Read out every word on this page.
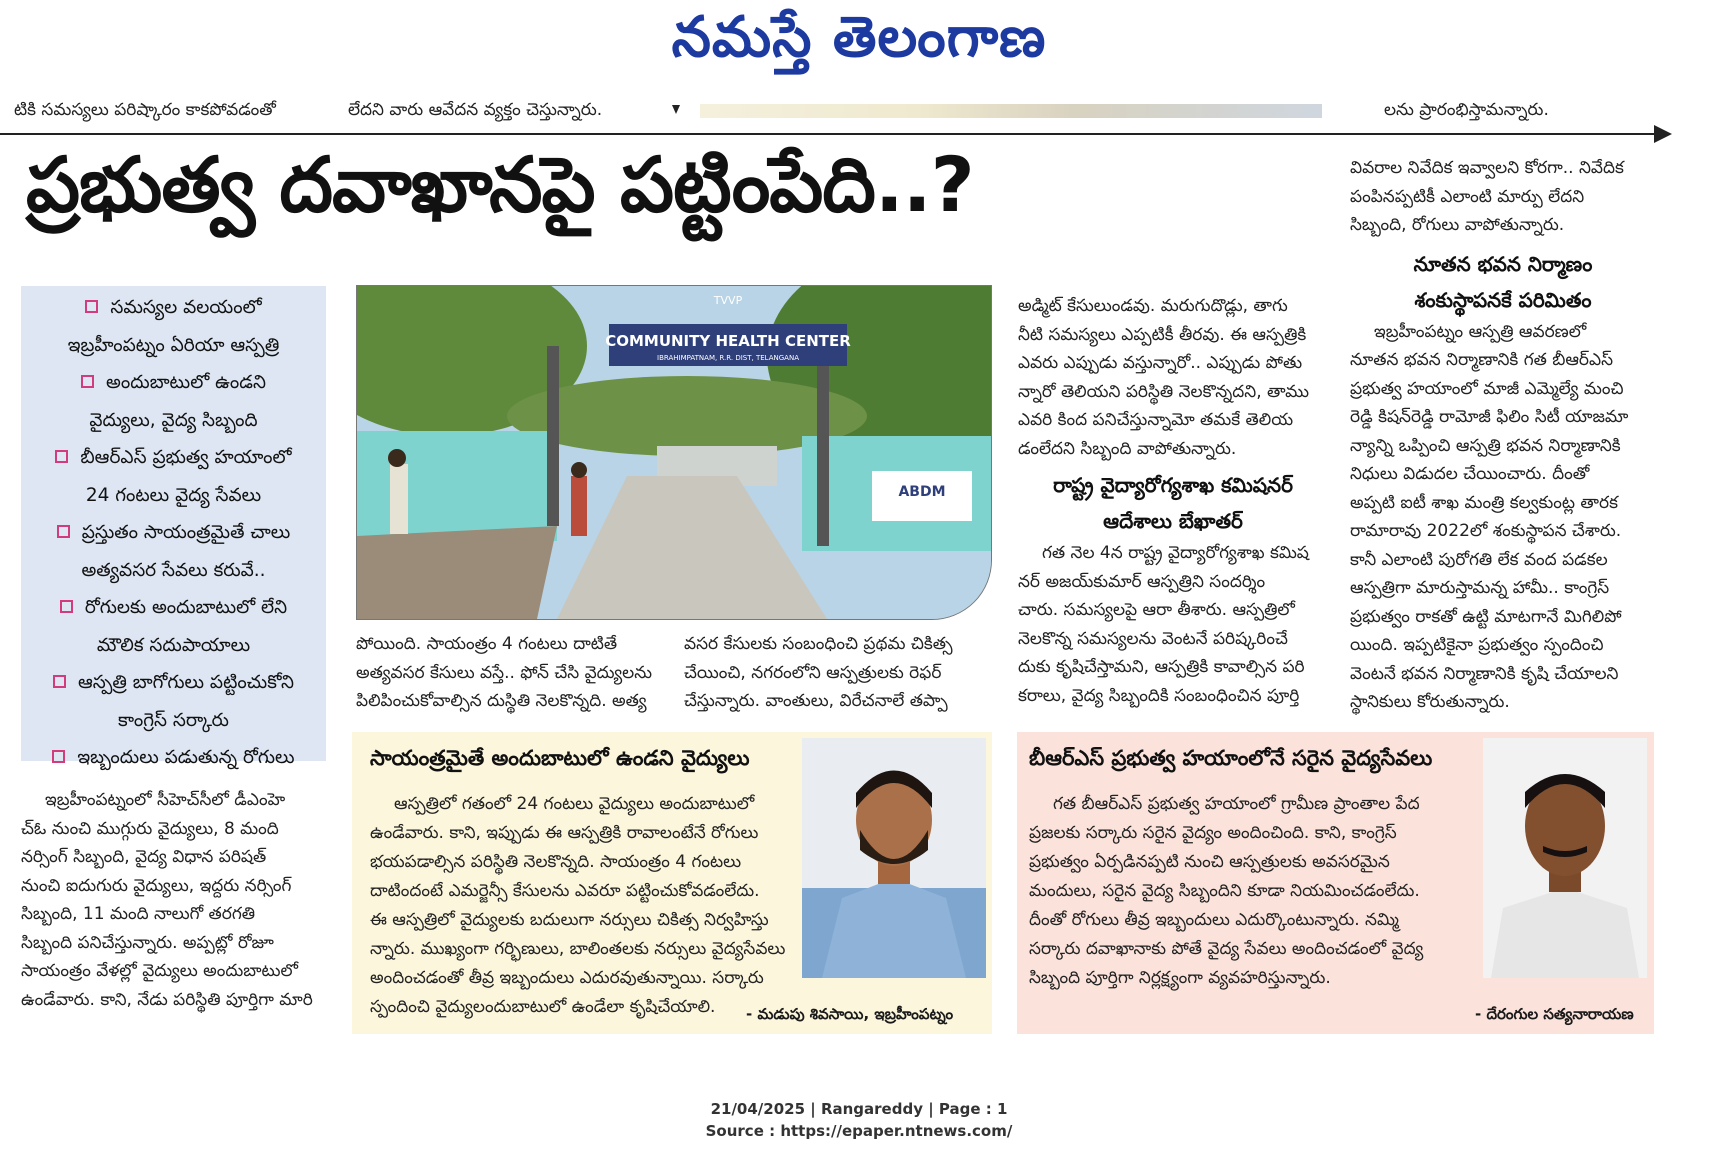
నమస్తే తెలంగాణ
టికి సమస్యలు పరిష్కారం కాకపోవడంతో	లేదని వారు ఆవేదన వ్యక్తం చెస్తున్నారు.	లను ప్రారంభిస్తామన్నారు.
ప్రభుత్వ దవాఖానపై పట్టింపేది..?
సమస్యల వలయంలో
ఇబ్రహీంపట్నం ఏరియా ఆస్పత్రి
అందుబాటులో ఉండని
వైద్యులు, వైద్య సిబ్బంది
బీఆర్‌ఎస్ ప్రభుత్వ హయాంలో
24 గంటలు వైద్య సేవలు
ప్రస్తుతం సాయంత్రమైతే చాలు
అత్యవసర సేవలు కరువే..
రోగులకు అందుబాటులో లేని
మౌలిక సదుపాయాలు
ఆస్పత్రి బాగోగులు పట్టించుకోని
కాంగ్రెస్ సర్కారు
ఇబ్బందులు పడుతున్న రోగులు
ఇబ్రహీంపట్నంలో సీహెచ్‌సీలో డీఎంహె
చ్‌ఓ నుంచి ముగ్గురు వైద్యులు, 8 మంది
నర్సింగ్ సిబ్బంది, వైద్య విధాన పరిషత్
నుంచి ఐదుగురు వైద్యులు, ఇద్దరు నర్సింగ్
సిబ్బంది, 11 మంది నాలుగో తరగతి
సిబ్బంది పనిచేస్తున్నారు. అప్పట్లో రోజూ
సాయంత్రం వేళల్లో వైద్యులు అందుబాటులో
ఉండేవారు. కాని, నేడు పరిస్థితి పూర్తిగా మారి
TVVP
COMMUNITY HEALTH CENTER
IBRAHIMPATNAM, R.R. DIST, TELANGANA
ABDM
పోయింది. సాయంత్రం 4 గంటలు దాటితే
అత్యవసర కేసులు వస్తే.. ఫోన్ చేసి వైద్యులను
పిలిపించుకోవాల్సిన దుస్థితి నెలకొన్నది. అత్య
వసర కేసులకు సంబంధించి ప్రథమ చికిత్స
చేయించి, నగరంలోని ఆస్పత్రులకు రెఫర్
చేస్తున్నారు. వాంతులు, విరేచనాలే తప్పా
అడ్మిట్ కేసులుండవు. మరుగుదొడ్లు, తాగు
నీటి సమస్యలు ఎప్పటికీ తీరవు. ఈ ఆస్పత్రికి
ఎవరు ఎప్పుడు వస్తున్నారో.. ఎప్పుడు పోతు
న్నారో తెలియని పరిస్థితి నెలకొన్నదని, తాము
ఎవరి కింద పనిచేస్తున్నామో తమకే తెలియ
డంలేదని సిబ్బంది వాపోతున్నారు.
రాష్ట్ర వైద్యారోగ్యశాఖ కమిషనర్
ఆదేశాలు బేఖాతర్
గత నెల 4న రాష్ట్ర వైద్యారోగ్యశాఖ కమిష
నర్ అజయ్‌కుమార్ ఆస్పత్రిని సందర్శిం
చారు. సమస్యలపై ఆరా తీశారు. ఆస్పత్రిలో
నెలకొన్న సమస్యలను వెంటనే పరిష్కరించే
దుకు కృషిచేస్తామని, ఆస్పత్రికి కావాల్సిన పరి
కరాలు, వైద్య సిబ్బందికి సంబంధించిన పూర్తి
వివరాల నివేదిక ఇవ్వాలని కోరగా.. నివేదిక
పంపినప్పటికీ ఎలాంటి మార్పు లేదని
సిబ్బంది, రోగులు వాపోతున్నారు.
నూతన భవన నిర్మాణం
శంకుస్థాపనకే పరిమితం
ఇబ్రహీంపట్నం ఆస్పత్రి ఆవరణలో
నూతన భవన నిర్మాణానికి గత బీఆర్‌ఎస్
ప్రభుత్వ హయాంలో మాజీ ఎమ్మెల్యే మంచి
రెడ్డి కిషన్‌రెడ్డి రామోజీ ఫిలిం సిటీ యాజమా
న్యాన్ని ఒప్పించి ఆస్పత్రి భవన నిర్మాణానికి
నిధులు విడుదల చేయించారు. దీంతో
అప్పటి ఐటీ శాఖ మంత్రి కల్వకుంట్ల తారక
రామారావు 2022లో శంకుస్థాపన చేశారు.
కానీ ఎలాంటి పురోగతి లేక వంద పడకల
ఆస్పత్రిగా మారుస్తామన్న హామీ.. కాంగ్రెస్
ప్రభుత్వం రాకతో ఉట్టి మాటగానే మిగిలిపో
యింది. ఇప్పటికైనా ప్రభుత్వం స్పందించి
వెంటనే భవన నిర్మాణానికి కృషి చేయాలని
స్థానికులు కోరుతున్నారు.
సాయంత్రమైతే అందుబాటులో ఉండని వైద్యులు
ఆస్పత్రిలో గతంలో 24 గంటలు వైద్యులు అందుబాటులో
ఉండేవారు. కాని, ఇప్పుడు ఈ ఆస్పత్రికి రావాలంటేనే రోగులు
భయపడాల్సిన పరిస్థితి నెలకొన్నది. సాయంత్రం 4 గంటలు
దాటిందంటే ఎమర్జెన్సీ కేసులను ఎవరూ పట్టించుకోవడంలేదు.
ఈ ఆస్పత్రిలో వైద్యులకు బదులుగా నర్సులు చికిత్స నిర్వహిస్తు
న్నారు. ముఖ్యంగా గర్భిణులు, బాలింతలకు నర్సులు వైద్యసేవలు
అందించడంతో తీవ్ర ఇబ్బందులు ఎదురవుతున్నాయి. సర్కారు
స్పందించి వైద్యులందుబాటులో ఉండేలా కృషిచేయాలి.	- మడుపు శివసాయి, ఇబ్రహీంపట్నం
బీఆర్‌ఎస్ ప్రభుత్వ హయాంలోనే సరైన వైద్యసేవలు
గత బీఆర్‌ఎస్ ప్రభుత్వ హయాంలో గ్రామీణ ప్రాంతాల పేద
ప్రజలకు సర్కారు సరైన వైద్యం అందించింది. కాని, కాంగ్రెస్
ప్రభుత్వం ఏర్పడినప్పటి నుంచి ఆస్పత్రులకు అవసరమైన
మందులు, సరైన వైద్య సిబ్బందిని కూడా నియమించడంలేదు.
దీంతో రోగులు తీవ్ర ఇబ్బందులు ఎదుర్కొంటున్నారు. నమ్మి
సర్కారు దవాఖానాకు పోతే వైద్య సేవలు అందించడంలో వైద్య
సిబ్బంది పూర్తిగా నిర్లక్ష్యంగా వ్యవహరిస్తున్నారు.
- దేరంగుల సత్యనారాయణ
21/04/2025 | Rangareddy | Page : 1
Source : https://epaper.ntnews.com/
